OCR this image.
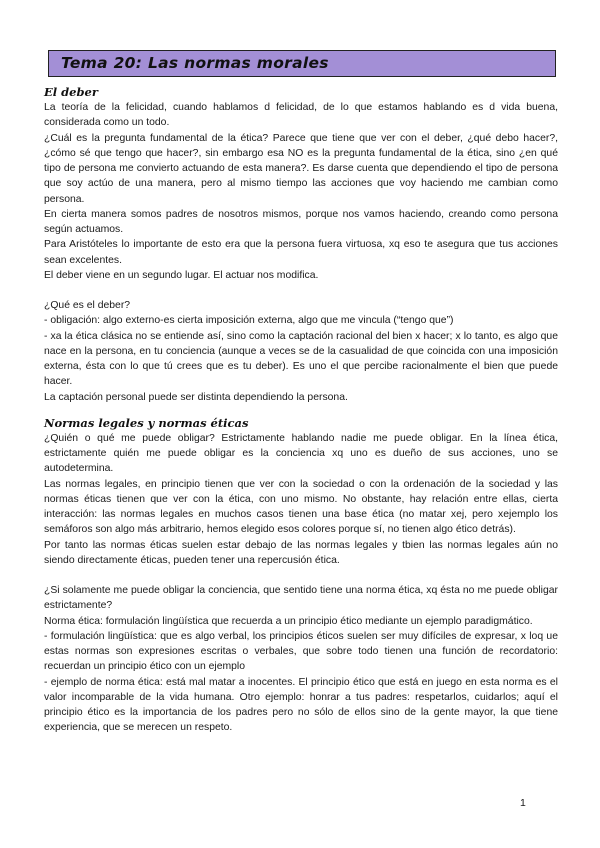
Tema 20: Las normas morales
El deber

La teoría de la felicidad, cuando hablamos d felicidad, de lo que estamos hablando es d vida buena, considerada como un todo.

¿Cuál es la pregunta fundamental de la ética? Parece que tiene que ver con el deber, ¿qué debo hacer?, ¿cómo sé que tengo que hacer?, sin embargo esa NO es la pregunta fundamental de la ética, sino ¿en qué tipo de persona me convierto actuando de esta manera?. Es darse cuenta que dependiendo el tipo de persona que soy actúo de una manera, pero al mismo tiempo las acciones que voy haciendo me cambian como persona.

En cierta manera somos padres de nosotros mismos, porque nos vamos haciendo, creando como persona según actuamos.

Para Aristóteles lo importante de esto era que la persona fuera virtuosa, xq eso te asegura que tus acciones sean excelentes.

El deber viene en un segundo lugar. El actuar nos modifica.

¿Qué es el deber?

- obligación: algo externo-es cierta imposición externa, algo que me vincula (“tengo que”)

- xa la ética clásica no se entiende así, sino como la captación racional del bien x hacer; x lo tanto, es algo que nace en la persona, en tu conciencia (aunque a veces se de la casualidad de que coincida con una imposición externa, ésta con lo que tú crees que es tu deber). Es uno el que percibe racionalmente el bien que puede hacer.

La captación personal puede ser distinta dependiendo la persona.

Normas legales y normas éticas

¿Quién o qué me puede obligar? Estrictamente hablando nadie me puede obligar. En la línea ética, estrictamente quién me puede obligar es la conciencia xq uno es dueño de sus acciones, uno se autodetermina.

Las normas legales, en principio tienen que ver con la sociedad o con la ordenación de la sociedad y las normas éticas tienen que ver con la ética, con uno mismo. No obstante, hay relación entre ellas, cierta interacción: las normas legales en muchos casos tienen una base ética (no matar xej, pero xejemplo los semáforos son algo más arbitrario, hemos elegido esos colores porque sí, no tienen algo ético detrás).

Por tanto las normas éticas suelen estar debajo de las normas legales y tbien las normas legales aún no siendo directamente éticas, pueden tener una repercusión ética.

¿Si solamente me puede obligar la conciencia, que sentido tiene una norma ética, xq ésta no me puede obligar estrictamente?

Norma ética: formulación lingüística que recuerda a un principio ético mediante un ejemplo paradigmático.

- formulación lingüística: que es algo verbal, los principios éticos suelen ser muy difíciles de expresar, x loq ue estas normas son expresiones escritas o verbales, que sobre todo tienen una función de recordatorio: recuerdan un principio ético con un ejemplo

- ejemplo de norma ética: está mal matar a inocentes. El principio ético que está en juego en esta norma es el valor incomparable de la vida humana. Otro ejemplo: honrar a tus padres: respetarlos, cuidarlos; aquí el principio ético es la importancia de los padres pero no sólo de ellos sino de la gente mayor, la que tiene experiencia, que se merecen un respeto.

1
